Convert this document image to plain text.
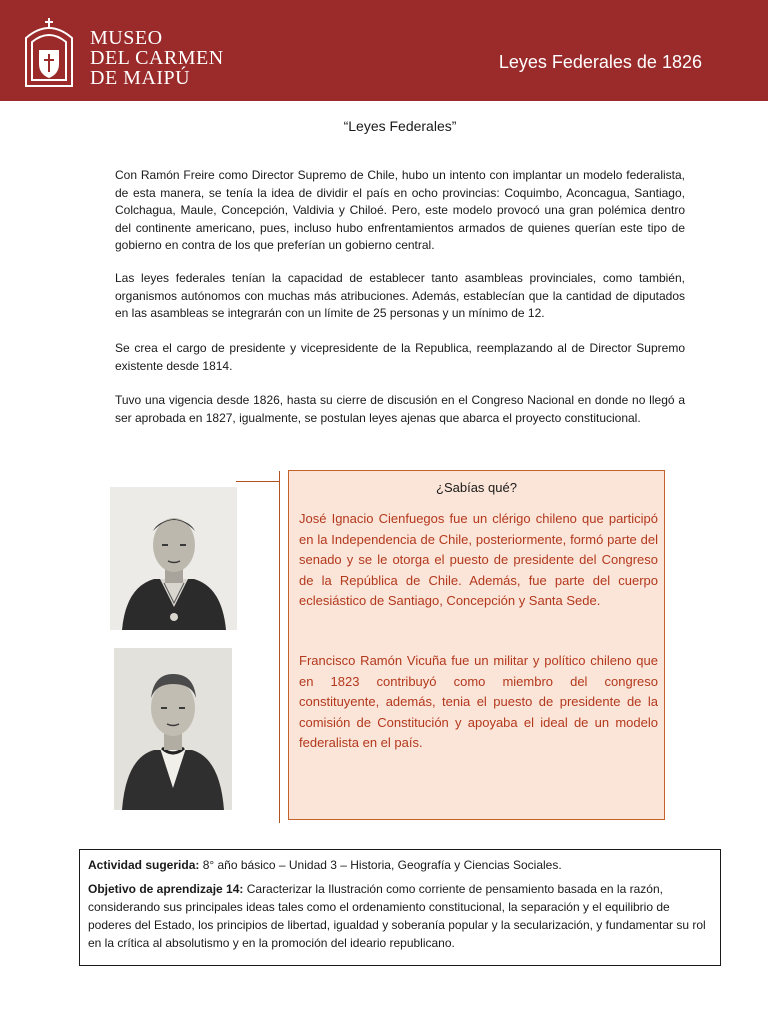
MUSEO
DEL CARMEN
DE MAIPÚ
Leyes Federales de 1826
“Leyes Federales”

Con Ramón Freire como Director Supremo de Chile, hubo un intento con implantar un modelo federalista, de esta manera, se tenía la idea de dividir el país en ocho provincias: Coquimbo, Aconcagua, Santiago, Colchagua, Maule, Concepción, Valdivia y Chiloé. Pero, este modelo provocó una gran polémica dentro del continente americano, pues, incluso hubo enfrentamientos armados de quienes querían este tipo de gobierno en contra de los que preferían un gobierno central.

Las leyes federales tenían la capacidad de establecer tanto asambleas provinciales, como también, organismos autónomos con muchas más atribuciones. Además, establecían que la cantidad de diputados en las asambleas se integrarán con un límite de 25 personas y un mínimo de 12.

Se crea el cargo de presidente y vicepresidente de la Republica, reemplazando al de Director Supremo existente desde 1814.

Tuvo una vigencia desde 1826, hasta su cierre de discusión en el Congreso Nacional en donde no llegó a ser aprobada en 1827, igualmente, se postulan leyes ajenas que abarca el proyecto constitucional.

¿Sabías qué?

José Ignacio Cienfuegos fue un clérigo chileno que participó en la Independencia de Chile, posteriormente, formó parte del senado y se le otorga el puesto de presidente del Congreso de la República de Chile. Además, fue parte del cuerpo eclesiástico de Santiago, Concepción y Santa Sede.

Francisco Ramón Vicuña fue un militar y político chileno que en 1823 contribuyó como miembro del congreso constituyente, además, tenia el puesto de presidente de la comisión de Constitución y apoyaba el ideal de un modelo federalista en el país.

Actividad sugerida: 8° año básico – Unidad 3 – Historia, Geografía y Ciencias Sociales.

Objetivo de aprendizaje 14: Caracterizar la Ilustración como corriente de pensamiento basada en la razón, considerando sus principales ideas tales como el ordenamiento constitucional, la separación y el equilibrio de poderes del Estado, los principios de libertad, igualdad y soberanía popular y la secularización, y fundamentar su rol en la crítica al absolutismo y en la promoción del ideario republicano.
